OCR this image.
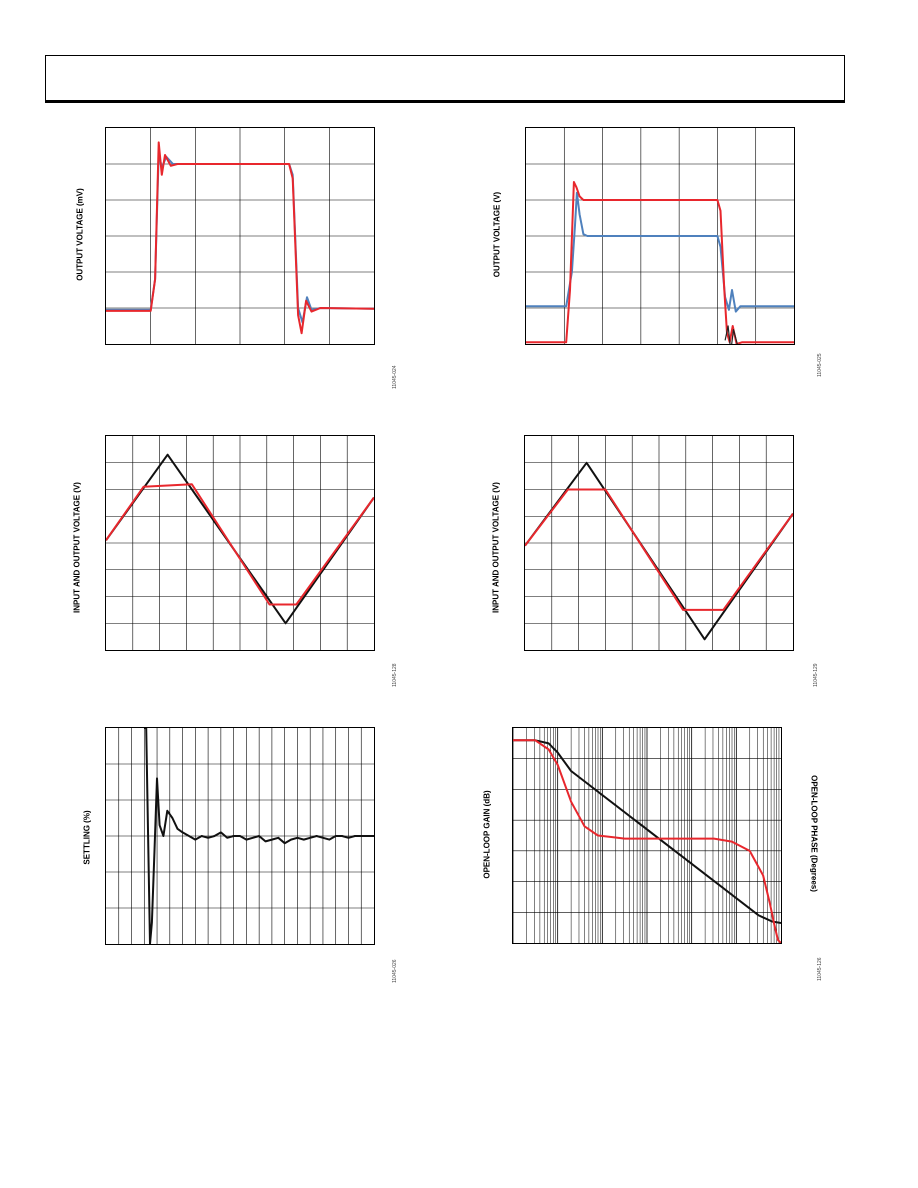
OUTPUT VOLTAGE (mV)
11045-024
OUTPUT VOLTAGE (V)
11045-025
INPUT AND OUTPUT VOLTAGE (V)
11045-128
INPUT AND OUTPUT VOLTAGE (V)
11045-129
SETTLING (%)
11045-026
OPEN-LOOP GAIN (dB)	OPEN-LOOP PHASE (Degrees)
11045-126
